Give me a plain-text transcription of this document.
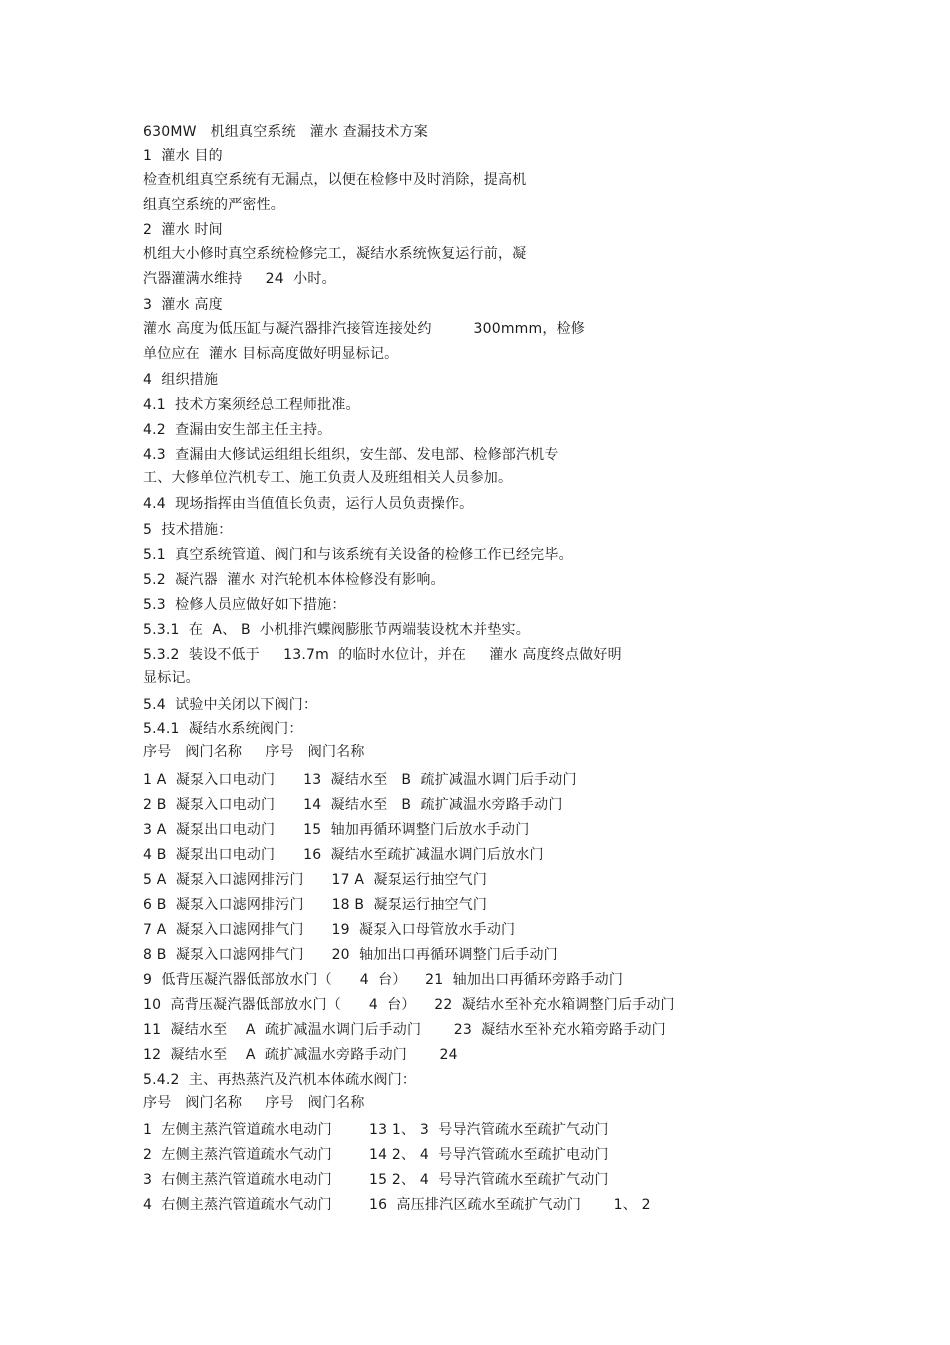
630MW   机组真空系统   灌水 查漏技术方案
1  灌水 目的
检查机组真空系统有无漏点，以便在检修中及时消除，提高机
组真空系统的严密性。
2  灌水 时间
机组大小修时真空系统检修完工，凝结水系统恢复运行前，凝
汽器灌满水维持     24  小时。
3  灌水 高度
灌水 高度为低压缸与凝汽器排汽接管连接处约         300mmm，检修
单位应在  灌水 目标高度做好明显标记。
4  组织措施
4.1  技术方案须经总工程师批准。
4.2  查漏由安生部主任主持。
4.3  查漏由大修试运组组长组织，安生部、发电部、检修部汽机专
工、大修单位汽机专工、施工负责人及班组相关人员参加。
4.4  现场指挥由当值值长负责，运行人员负责操作。
5  技术措施：
5.1  真空系统管道、阀门和与该系统有关设备的检修工作已经完毕。
5.2  凝汽器  灌水 对汽轮机本体检修没有影响。
5.3  检修人员应做好如下措施：
5.3.1  在  A、 B  小机排汽蝶阀膨胀节两端装设枕木并垫实。
5.3.2  装设不低于     13.7m  的临时水位计，并在     灌水 高度终点做好明
显标记。
5.4  试验中关闭以下阀门：
5.4.1  凝结水系统阀门：
序号   阀门名称     序号   阀门名称
1 A  凝泵入口电动门      13  凝结水至   B  疏扩减温水调门后手动门
2 B  凝泵入口电动门      14  凝结水至   B  疏扩减温水旁路手动门
3 A  凝泵出口电动门      15  轴加再循环调整门后放水手动门
4 B  凝泵出口电动门      16  凝结水至疏扩减温水调门后放水门
5 A  凝泵入口滤网排污门      17 A  凝泵运行抽空气门
6 B  凝泵入口滤网排污门      18 B  凝泵运行抽空气门
7 A  凝泵入口滤网排气门      19  凝泵入口母管放水手动门
8 B  凝泵入口滤网排气门      20  轴加出口再循环调整门后手动门
9  低背压凝汽器低部放水门（      4  台）    21  轴加出口再循环旁路手动门
10  高背压凝汽器低部放水门（      4  台）    22  凝结水至补充水箱调整门后手动门
11  凝结水至    A  疏扩减温水调门后手动门       23  凝结水至补充水箱旁路手动门
12  凝结水至    A  疏扩减温水旁路手动门       24
5.4.2  主、再热蒸汽及汽机本体疏水阀门：
序号   阀门名称     序号   阀门名称
1  左侧主蒸汽管道疏水电动门        13 1、 3  号导汽管疏水至疏扩气动门
2  左侧主蒸汽管道疏水气动门        14 2、 4  号导汽管疏水至疏扩电动门
3  右侧主蒸汽管道疏水电动门        15 2、 4  号导汽管疏水至疏扩气动门
4  右侧主蒸汽管道疏水气动门        16  高压排汽区疏水至疏扩气动门       1、 2
